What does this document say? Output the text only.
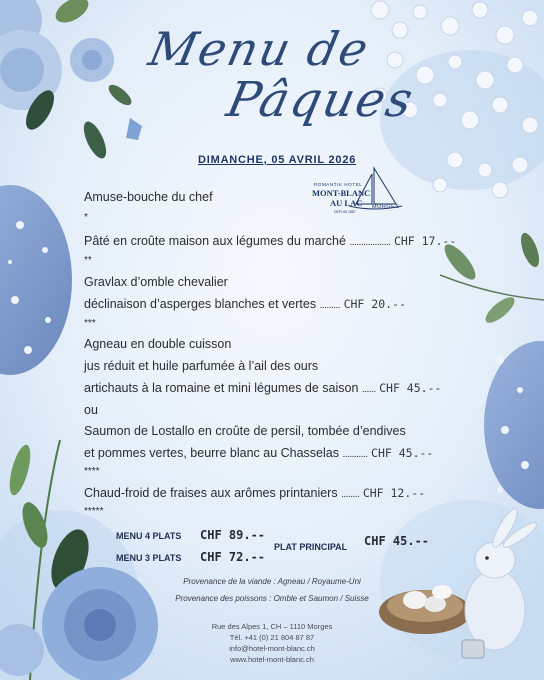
Menu de
Pâques
DIMANCHE, 05 AVRIL 2026
ROMANTIK HOTEL
MONT-BLANC
AU LAC MORGES
DEPUIS 1887
Amuse-bouche du chef
*
Pâté en croûte maison aux légumes du marché .................. CHF 17.--
**
Gravlax d’omble chevalier
déclinaison d’asperges blanches et vertes ......... CHF 20.--
***
Agneau en double cuisson
jus réduit et huile parfumée à l’ail des ours
artichauts à la romaine et mini légumes de saison ...... CHF 45.--
ou
Saumon de Lostallo en croûte de persil, tombée d’endives
et pommes vertes, beurre blanc au Chasselas ........... CHF 45.--
****
Chaud-froid de fraises aux arômes printaniers ........ CHF 12.--
*****
MENU 4 PLATS CHF 89.--
MENU 3 PLATS CHF 72.--
PLAT PRINCIPAL CHF 45.--
Provenance de la viande : Agneau / Royaume-Uni
Provenance des poissons : Omble et Saumon / Suisse
Rue des Alpes 1, CH – 1110 Morges
Tél. +41 (0) 21 804 87 87
info@hotel-mont-blanc.ch
www.hotel-mont-blanc.ch
